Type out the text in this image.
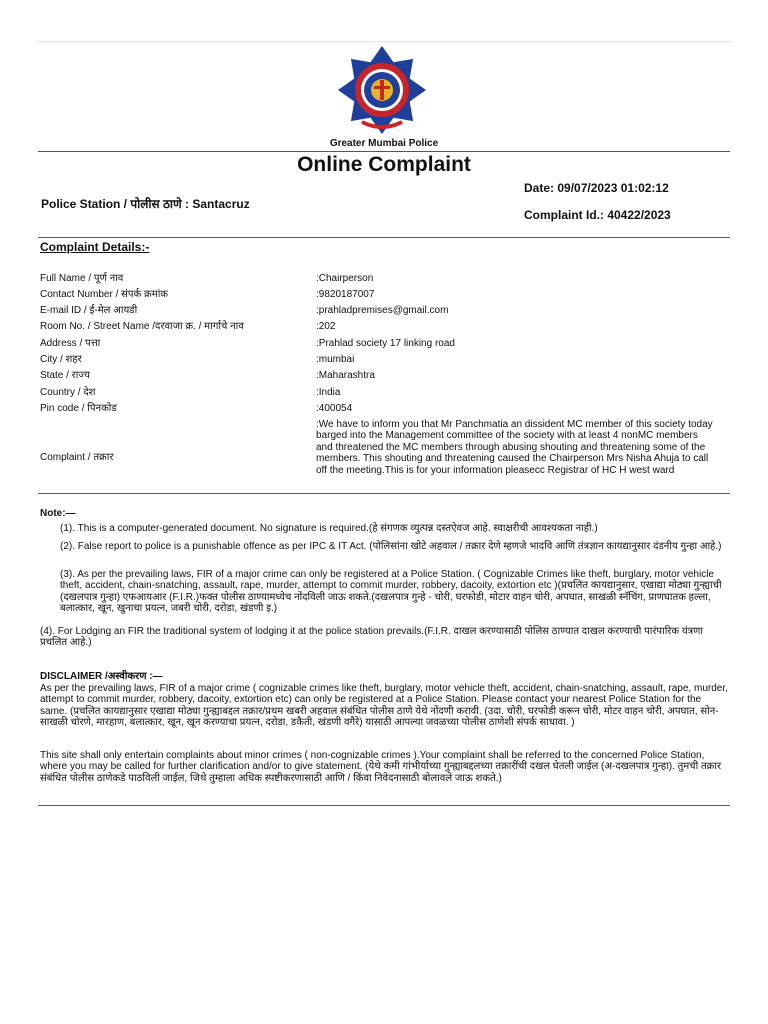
Greater Mumbai Police
Online Complaint
Date: 09/07/2023 01:02:12
Police Station / पोलीस ठाणे : Santacruz
Complaint Id.: 40422/2023
Complaint Details:-
Full Name / पूर्ण नाव	:Chairperson
Contact Number / संपर्क क्रमांक	:9820187007
E-mail ID / ई-मेल आयडी	:prahladpremises@gmail.com
Room No. / Street Name /दरवाजा क्र. / मार्गाचे नाव	:202
Address / पत्ता	:Prahlad society 17 linking road
City / शहर	:mumbai
State / राज्य	:Maharashtra
Country / देश	:India
Pin code / पिनकोड	:400054
Complaint / तक्रार
:We have to inform you that Mr Panchmatia an dissident MC member of this society today barged into the Management committee of the society with at least 4 nonMC members and threatened the MC members through abusing shouting and threatening some of the members. This shouting and threatening caused the Chairperson Mrs Nisha Ahuja to call off the meeting.This is for your information pleasecc Registrar of HC H west ward
Note:—
(1). This is a computer-generated document. No signature is required.(हे संगणक व्युत्पन्न दस्तऐवज आहे. स्वाक्षरीची आवश्यकता नाही.)
(2). False report to police is a punishable offence as per IPC & IT Act. (पोलिसांना खोटे अहवाल / तक्रार देणे म्हणजे भादवि आणि तंत्रज्ञान कायद्यानुसार दंडनीय गुन्हा आहे.)
(3). As per the prevailing laws, FIR of a major crime can only be registered at a Police Station. ( Cognizable Crimes like theft, burglary, motor vehicle theft, accident, chain-snatching, assault, rape, murder, attempt to commit murder, robbery, dacoity, extortion etc )(प्रचलित कायद्यानुसार, एखाद्या मोठ्या गुन्ह्याची (दखलपात्र गुन्हा) एफआयआर (F.I.R.)फक्त पोलीस ठाण्यामध्येच नोंदविली जाऊ शकते.(दखलपात्र गुन्हे - चोरी, घरफोडी, मोटार वाहन चोरी, अपघात, साखळी स्नॅचिंग, प्राणघातक हल्ला, बलात्कार, खून, खुनाचा प्रयत्न, जबरी चोरी, दरोडा, खंडणी इ.)
(4). For Lodging an FIR the traditional system of lodging it at the police station prevails.(F.I.R. दाखल करण्यासाठी पोलिस ठाण्यात दाखल करण्याची पारंपारिक यंत्रणा प्रचलित आहे.)
DISCLAIMER /अस्वीकरण :—
As per the prevailing laws, FIR of a major crime ( cognizable crimes like theft, burglary, motor vehicle theft, accident, chain-snatching, assault, rape, murder, attempt to commit murder, robbery, dacoity, extortion etc) can only be registered at a Police Station. Please contact your nearest Police Station for the same. (प्रचलित कायद्यानुसार एखाद्या मोठ्या गुन्ह्याबद्दल तक्रार/प्रथम खबरी अहवाल संबंधित पोलीस ठाणे येथे नोंदणी करावी. (उदा. चोरी, घरफोडी करून चोरी, मोटर वाहन चोरी, अपघात, सोन-साखळी चोरणे, मारहाण, बलात्कार, खून, खून करण्याचा प्रयत्न, दरोडा, डकैती, खंडणी वगैरे) यासाठी आपल्या जवळच्या पोलीस ठाणेशी संपर्क साधावा. )
This site shall only entertain complaints about minor crimes ( non-cognizable crimes ).Your complaint shall be referred to the concerned Police Station, where you may be called for further clarification and/or to give statement. (येथे कमी गांभीर्याच्या गुन्ह्याबद्दलच्या तक्रारींची दखल घेतली जाईल (अ-दखलपात्र गुन्हा). तुमची तक्रार संबंधित पोलीस ठाणेकडे पाठविली जाईल, जिथे तुम्हाला अधिक स्पष्टीकरणासाठी आणि / किंवा निवेदनासाठी बोलावले जाऊ शकते.)
